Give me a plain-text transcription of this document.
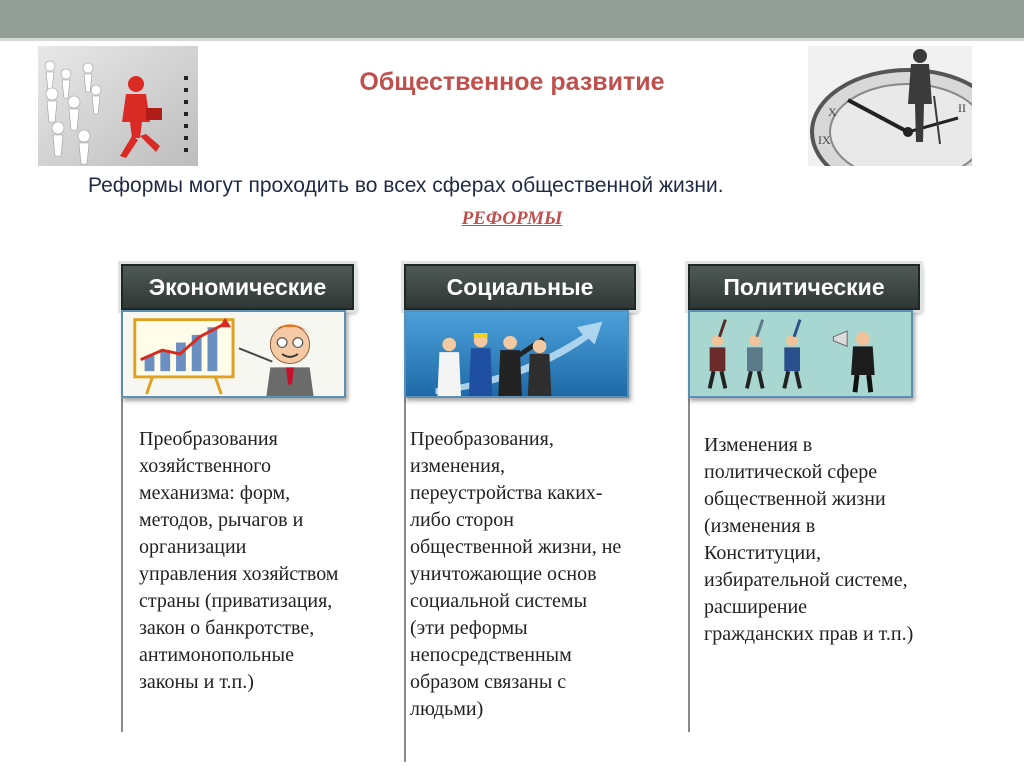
X
IX
II
Общественное развитие
Реформы могут проходить во всех сферах общественной жизни.
РЕФОРМЫ
Экономические
Преобразования хозяйственного механизма: форм, методов, рычагов и организации управления хозяйством страны (приватизация, закон о банкротстве, антимонопольные законы и т.п.)
Социальные
Преобразования, изменения, переустройства каких-либо сторон общественной жизни, не уничтожающие основ социальной системы (эти реформы непосредственным образом связаны с людьми)
Политические
Изменения в политической сфере общественной жизни (изменения в Конституции, избирательной системе, расширение гражданских прав и т.п.)
